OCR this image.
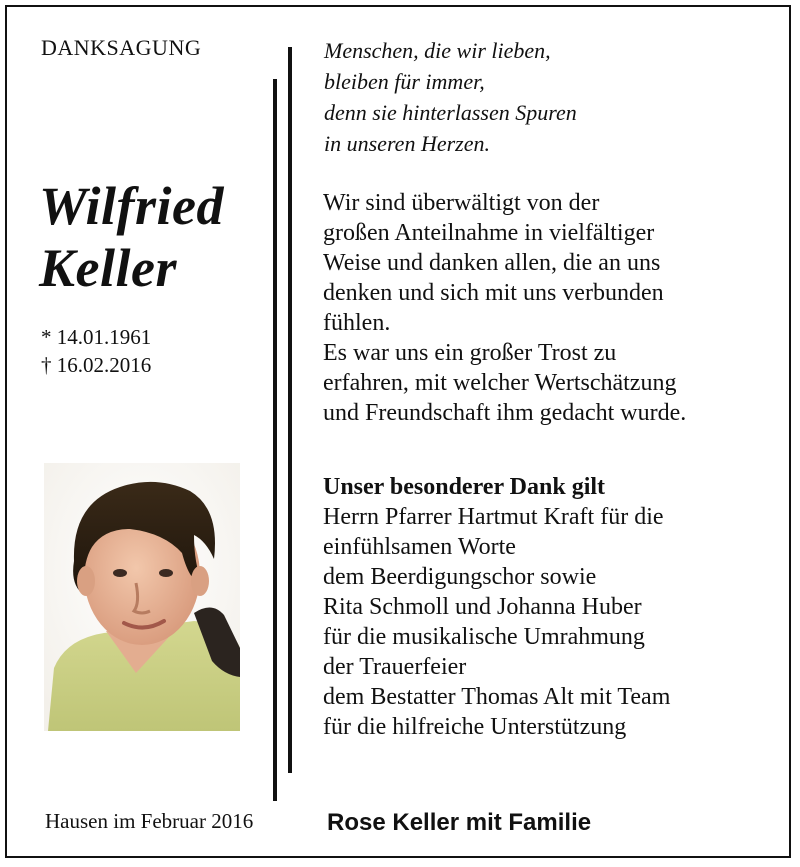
DANKSAGUNG
Wilfried
Keller
* 14.01.1961
† 16.02.2016
Menschen, die wir lieben,
bleiben für immer,
denn sie hinterlassen Spuren
in unseren Herzen.
Wir sind überwältigt von der
großen Anteilnahme in vielfältiger
Weise und danken allen, die an uns
denken und sich mit uns verbunden
fühlen.
Es war uns ein großer Trost zu
erfahren, mit welcher Wertschätzung
und Freundschaft ihm gedacht wurde.
Unser besonderer Dank gilt
Herrn Pfarrer Hartmut Kraft für die
einfühlsamen Worte
dem Beerdigungschor sowie
Rita Schmoll und Johanna Huber
für die musikalische Umrahmung
der Trauerfeier
dem Bestatter Thomas Alt mit Team
für die hilfreiche Unterstützung
Hausen im Februar 2016	Rose Keller mit Familie
